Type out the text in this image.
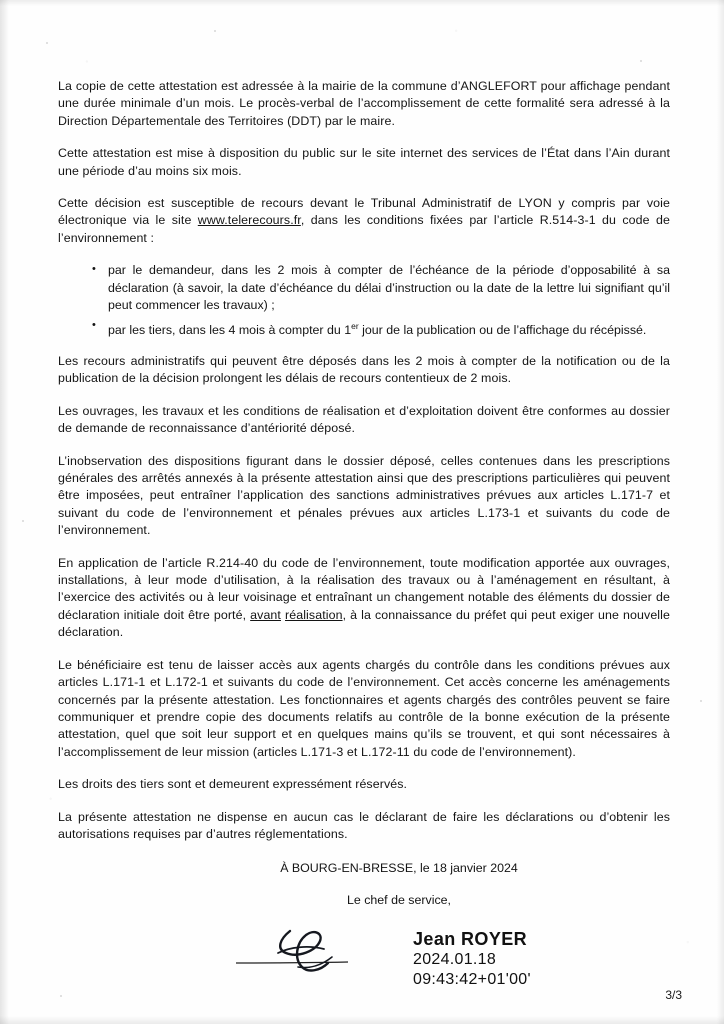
La copie de cette attestation est adressée à la mairie de la commune d’ANGLEFORT pour affichage pendant une durée minimale d’un mois. Le procès-verbal de l’accomplissement de cette formalité sera adressé à la Direction Départementale des Territoires (DDT) par le maire.

Cette attestation est mise à disposition du public sur le site internet des services de l’État dans l’Ain durant une période d’au moins six mois.

Cette décision est susceptible de recours devant le Tribunal Administratif de LYON y compris par voie électronique via le site www.telerecours.fr, dans les conditions fixées par l’article R.514-3-1 du code de l’environnement :

• par le demandeur, dans les 2 mois à compter de l’échéance de la période d’opposabilité à sa déclaration (à savoir, la date d’échéance du délai d’instruction ou la date de la lettre lui signifiant qu’il peut commencer les travaux) ;
• par les tiers, dans les 4 mois à compter du 1er jour de la publication ou de l’affichage du récépissé.

Les recours administratifs qui peuvent être déposés dans les 2 mois à compter de la notification ou de la publication de la décision prolongent les délais de recours contentieux de 2 mois.

Les ouvrages, les travaux et les conditions de réalisation et d’exploitation doivent être conformes au dossier de demande de reconnaissance d’antériorité déposé.

L’inobservation des dispositions figurant dans le dossier déposé, celles contenues dans les prescriptions générales des arrêtés annexés à la présente attestation ainsi que des prescriptions particulières qui peuvent être imposées, peut entraîner l’application des sanctions administratives prévues aux articles L.171-7 et suivant du code de l’environnement et pénales prévues aux articles L.173-1 et suivants du code de l’environnement.

En application de l’article R.214-40 du code de l’environnement, toute modification apportée aux ouvrages, installations, à leur mode d’utilisation, à la réalisation des travaux ou à l’aménagement en résultant, à l’exercice des activités ou à leur voisinage et entraînant un changement notable des éléments du dossier de déclaration initiale doit être porté, avant réalisation, à la connaissance du préfet qui peut exiger une nouvelle déclaration.

Le bénéficiaire est tenu de laisser accès aux agents chargés du contrôle dans les conditions prévues aux articles L.171-1 et L.172-1 et suivants du code de l’environnement. Cet accès concerne les aménagements concernés par la présente attestation. Les fonctionnaires et agents chargés des contrôles peuvent se faire communiquer et prendre copie des documents relatifs au contrôle de la bonne exécution de la présente attestation, quel que soit leur support et en quelques mains qu’ils se trouvent, et qui sont nécessaires à l’accomplissement de leur mission (articles L.171-3 et L.172-11 du code de l’environnement).

Les droits des tiers sont et demeurent expressément réservés.

La présente attestation ne dispense en aucun cas le déclarant de faire les déclarations ou d’obtenir les autorisations requises par d’autres réglementations.

À BOURG-EN-BRESSE, le 18 janvier 2024
Le chef de service,
Jean ROYER
2024.01.18
09:43:42+01'00'
3/3
